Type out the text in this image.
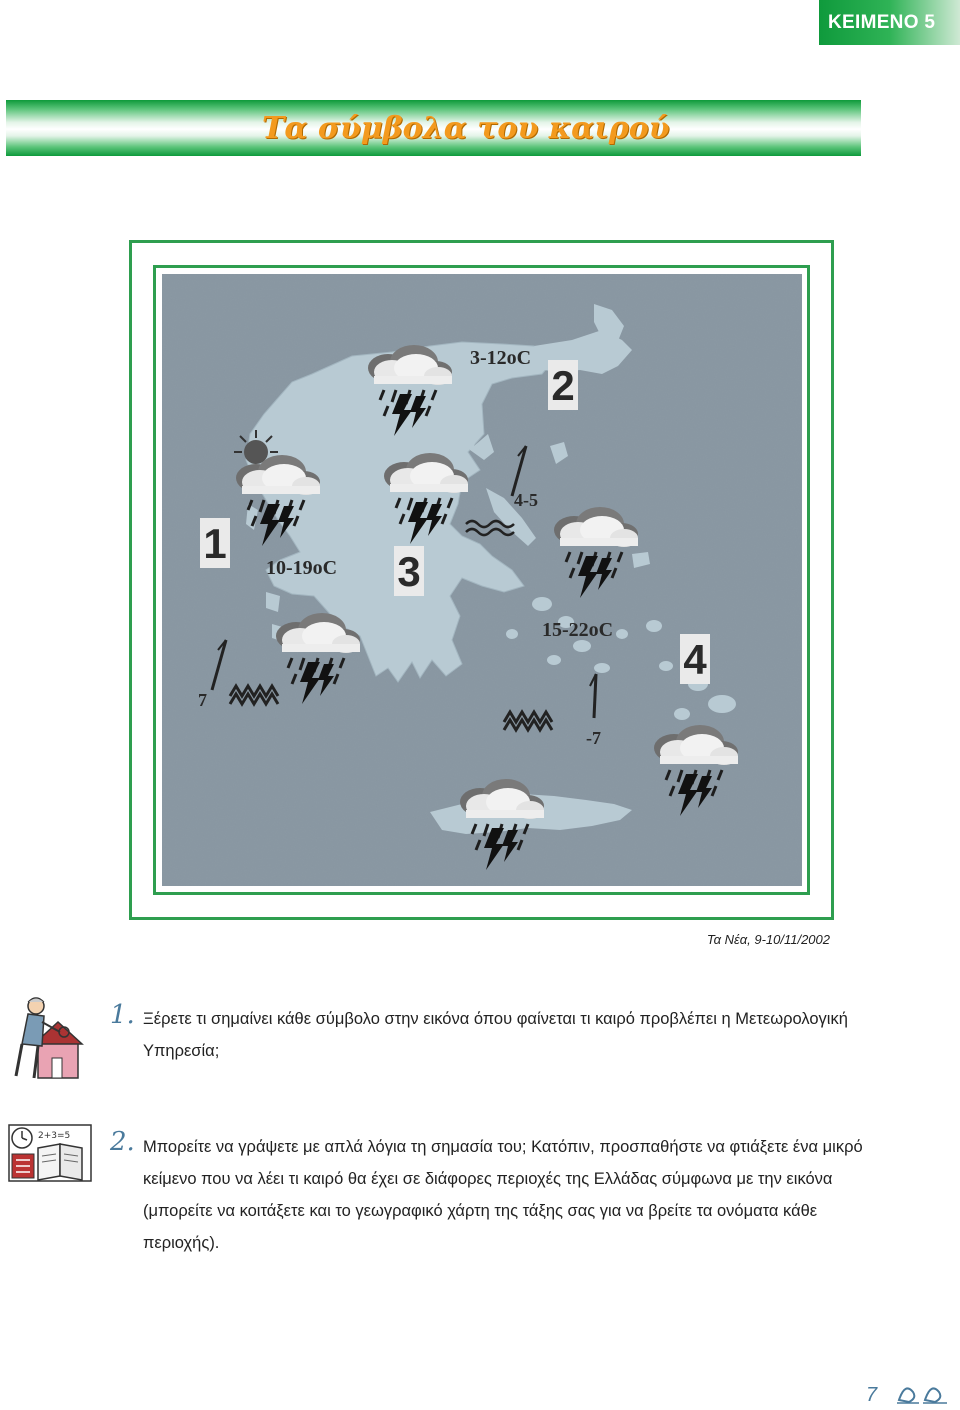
ΚΕΙΜΕΝΟ 5
Τα σύμβολα του καιρού
1
2
3
4
3-12oC
10-19oC
15-22oC
4-5
7
-7
Τα Νέα, 9-10/11/2002
1. Ξέρετε τι σημαίνει κάθε σύμβολο στην εικόνα όπου φαίνεται τι καιρό προβλέπει η Μετεωρολογική Υπηρεσία;
2+3=5 2. Μπορείτε να γράψετε με απλά λόγια τη σημασία του; Κατόπιν, προσπαθήστε να φτιάξετε ένα μικρό κείμενο που να λέει τι καιρό θα έχει σε διάφορες περιοχές της Ελλάδας σύμφωνα με την εικόνα (μπορείτε να κοιτάξετε και το γεωγραφικό χάρτη της τάξης σας για να βρείτε τα ονόματα κάθε περιοχής).
7
